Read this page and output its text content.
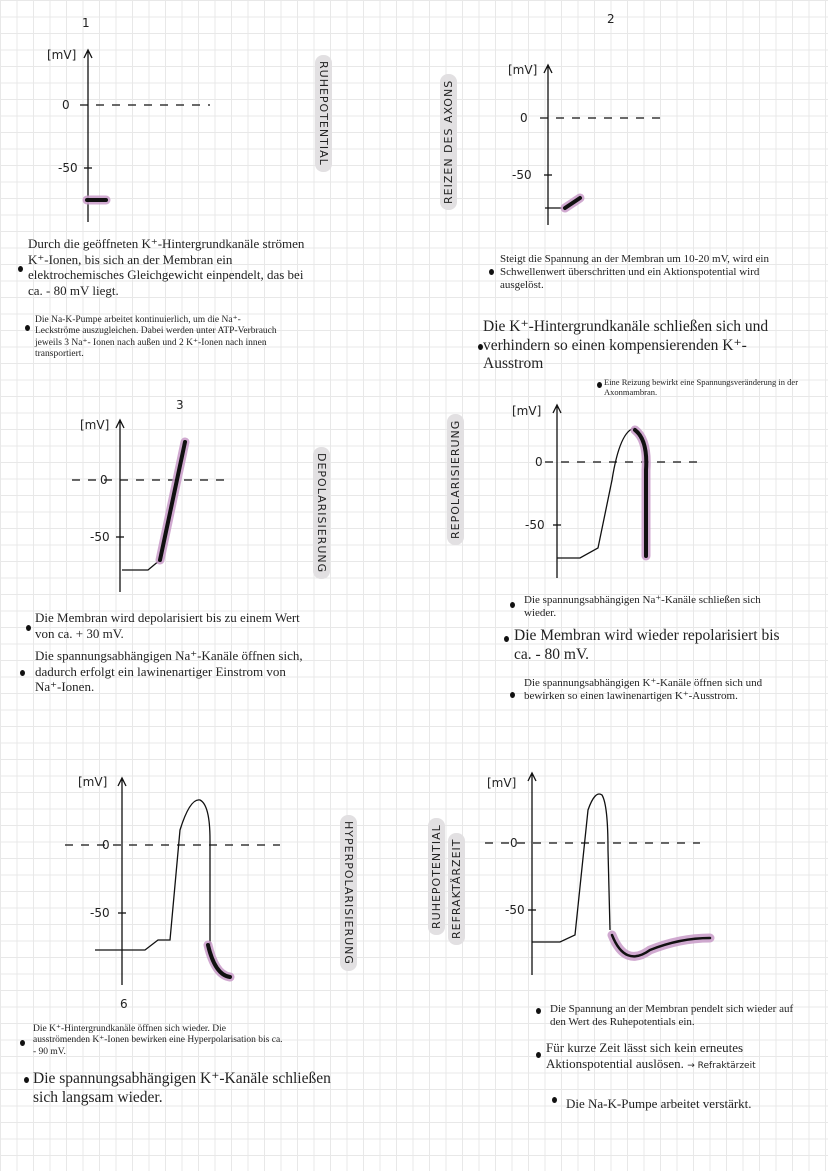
[mV]
0
-50
[mV]
0
-50
[mV]
0
-50
[mV]
0
-50
[mV]
0
-50
[mV]
0
-50
1	2
3
6
RUHEPOTENTIAL	REIZEN DES AXONS
DEPOLARISIERUNG	REPOLARISIERUNG
HYPERPOLARISIERUNG	RUHEPOTENTIAL REFRAKTÄRZEIT
Durch die geöffneten K⁺-Hintergrundkanäle strömen K⁺-Ionen, bis sich an der Membran ein elektrochemisches Gleichgewicht einpendelt, das bei ca. - 80 mV liegt.
Die Na-K-Pumpe arbeitet kontinuierlich, um die Na⁺-Leckströme auszugleichen. Dabei werden unter ATP-Verbrauch jeweils 3 Na⁺- Ionen nach außen und 2 K⁺-Ionen nach innen transportiert.
Steigt die Spannung an der Membran um 10-20 mV, wird ein Schwellenwert überschritten und ein Aktionspotential wird ausgelöst.
Die K⁺-Hintergrundkanäle schließen sich und verhindern so einen kompensierenden K⁺-Ausstrom
Eine Reizung bewirkt eine Spannungsveränderung in der Axonmambran.
Die Membran wird depolarisiert bis zu einem Wert von ca. + 30 mV.
Die spannungsabhängigen Na⁺-Kanäle öffnen sich, dadurch erfolgt ein lawinenartiger Einstrom von Na⁺-Ionen.
Die spannungsabhängigen Na⁺-Kanäle schließen sich wieder.
Die Membran wird wieder repolarisiert bis ca. - 80 mV.
Die spannungsabhängigen K⁺-Kanäle öffnen sich und bewirken so einen lawinenartigen K⁺-Ausstrom.
Die K⁺-Hintergrundkanäle öffnen sich wieder. Die ausströmenden K⁺-Ionen bewirken eine Hyperpolarisation bis ca. - 90 mV.
Die spannungsabhängigen K⁺-Kanäle schließen sich langsam wieder.
Die Spannung an der Membran pendelt sich wieder auf den Wert des Ruhepotentials ein.
Für kurze Zeit lässt sich kein erneutes Aktionspotential auslösen. → Refraktärzeit
Die Na-K-Pumpe arbeitet verstärkt.
